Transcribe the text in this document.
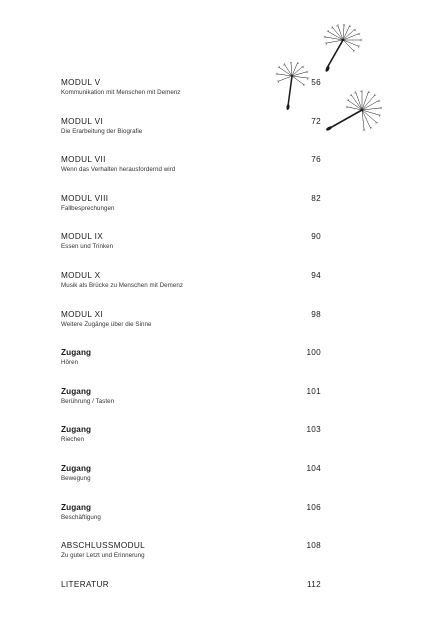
MODUL V
Kommunikation mit Menschen mit Demenz
56
MODUL VI
Die Erarbeitung der Biografie
72
MODUL VII
Wenn das Verhalten herausfordernd wird
76
MODUL VIII
Fallbesprechungen
82
MODUL IX
Essen und Trinken
90
MODUL X
Musik als Brücke zu Menschen mit Demenz
94
MODUL XI
Weitere Zugänge über die Sinne
98
Zugang
Hören
100
Zugang
Berührung / Tasten
101
Zugang
Riechen
103
Zugang
Bewegung
104
Zugang
Beschäftigung
106
ABSCHLUSSMODUL
Zu guter Letzt und Erinnerung
108
LITERATUR	112
